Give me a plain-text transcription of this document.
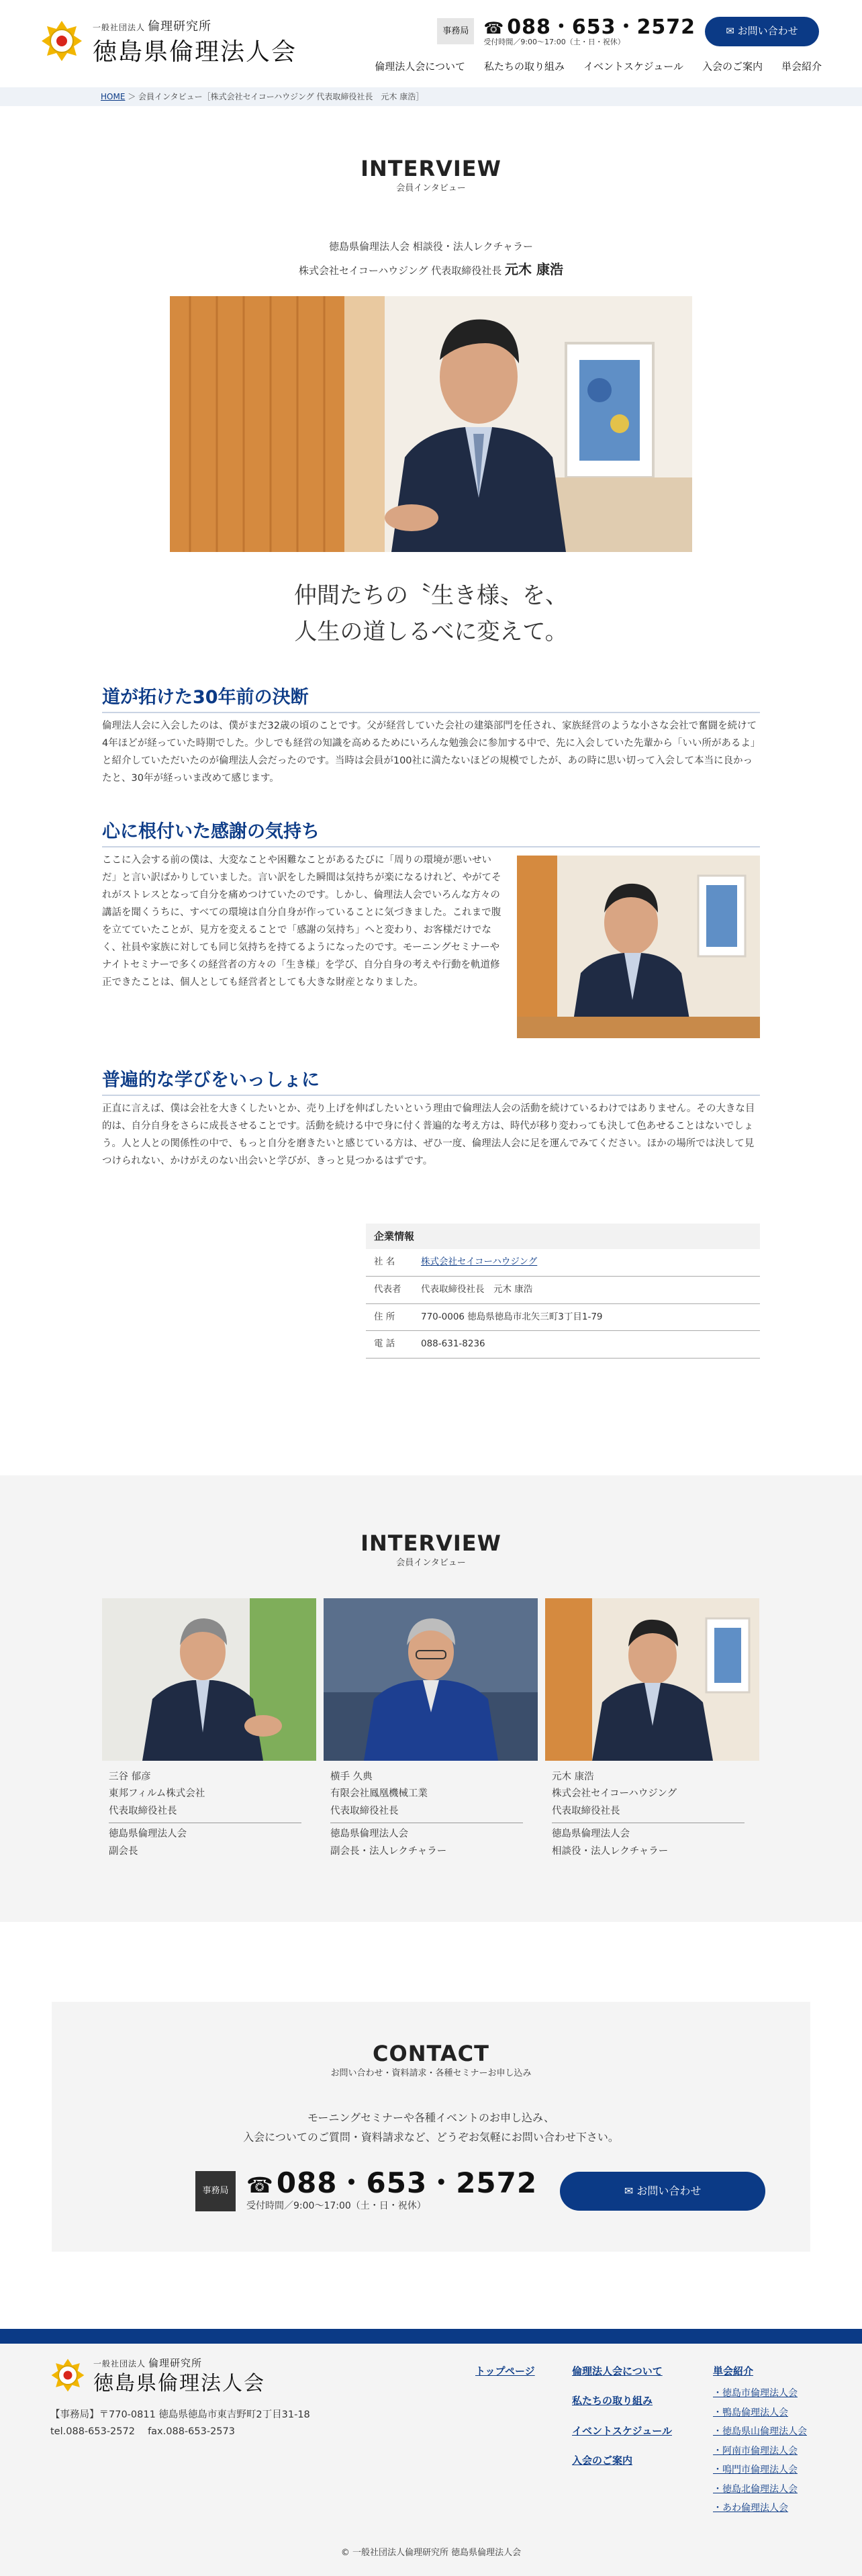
一般社団法人 倫理研究所
徳島県倫理法人会
事務局 ☎ 088・653・2572
受付時間／9:00～17:00（土・日・祝休）
✉ お問い合わせ
倫理法人会について 私たちの取り組み イベントスケジュール 入会のご案内 単会紹介
HOME ＞ 会員インタビュー［株式会社セイコーハウジング 代表取締役社長　元木 康浩］
INTERVIEW
会員インタビュー
徳島県倫理法人会 相談役・法人レクチャラー
株式会社セイコーハウジング 代表取締役社長 元木 康浩
仲間たちの〝生き様〟を、
人生の道しるべに変えて。
道が拓けた30年前の決断

倫理法人会に入会したのは、僕がまだ32歳の頃のことです。父が経営していた会社の建築部門を任され、家族経営のような小さな会社で奮闘を続けて4年ほどが経っていた時期でした。少しでも経営の知識を高めるためにいろんな勉強会に参加する中で、先に入会していた先輩から「いい所があるよ」と紹介していただいたのが倫理法人会だったのです。当時は会員が100社に満たないほどの規模でしたが、あの時に思い切って入会して本当に良かったと、30年が経っいま改めて感じます。

心に根付いた感謝の気持ち

ここに入会する前の僕は、大変なことや困難なことがあるたびに「周りの環境が悪いせいだ」と言い訳ばかりしていました。言い訳をした瞬間は気持ちが楽になるけれど、やがてそれがストレスとなって自分を痛めつけていたのです。しかし、倫理法人会でいろんな方々の講話を聞くうちに、すべての環境は自分自身が作っていることに気づきました。これまで腹を立てていたことが、見方を変えることで「感謝の気持ち」へと変わり、お客様だけでなく、社員や家族に対しても同じ気持ちを持てるようになったのです。モーニングセミナーやナイトセミナーで多くの経営者の方々の「生き様」を学び、自分自身の考えや行動を軌道修正できたことは、個人としても経営者としても大きな財産となりました。

普遍的な学びをいっしょに

正直に言えば、僕は会社を大きくしたいとか、売り上げを伸ばしたいという理由で倫理法人会の活動を続けているわけではありません。その大きな目的は、自分自身をさらに成長させることです。活動を続ける中で身に付く普遍的な考え方は、時代が移り変わっても決して色あせることはないでしょう。人と人との関係性の中で、もっと自分を磨きたいと感じている方は、ぜひ一度、倫理法人会に足を運んでみてください。ほかの場所では決して見つけられない、かけがえのない出会いと学びが、きっと見つかるはずです。

企業情報
社 名	株式会社セイコーハウジング
代表者	代表取締役社長　元木 康浩
住 所	770-0006 徳島県徳島市北矢三町3丁目1-79
電 話	088-631-8236
INTERVIEW
会員インタビュー
三谷 郁彦
東邦フィルム株式会社
代表取締役社長
徳島県倫理法人会
副会長
横手 久典
有限会社鳳凰機械工業
代表取締役社長
徳島県倫理法人会
副会長・法人レクチャラー
元木 康浩
株式会社セイコーハウジング
代表取締役社長
徳島県倫理法人会
相談役・法人レクチャラー
CONTACT
お問い合わせ・資料請求・各種セミナーお申し込み
モーニングセミナーや各種イベントのお申し込み、
入会についてのご質問・資料請求など、どうぞお気軽にお問い合わせ下さい。
事務局 ☎088・653・2572
受付時間／9:00～17:00（土・日・祝休）
✉ お問い合わせ
一般社団法人 倫理研究所
徳島県倫理法人会
【事務局】〒770-0811 徳島県徳島市東吉野町2丁目31-18
tel.088-653-2572　 fax.088-653-2573
トップページ	倫理法人会について
私たちの取り組み
イベントスケジュール
入会のご案内
単会紹介
・徳島市倫理法人会
・鴨島倫理法人会
・徳島県山倫理法人会
・阿南市倫理法人会
・鳴門市倫理法人会
・徳島北倫理法人会
・あわ倫理法人会
© 一般社団法人倫理研究所 徳島県倫理法人会
